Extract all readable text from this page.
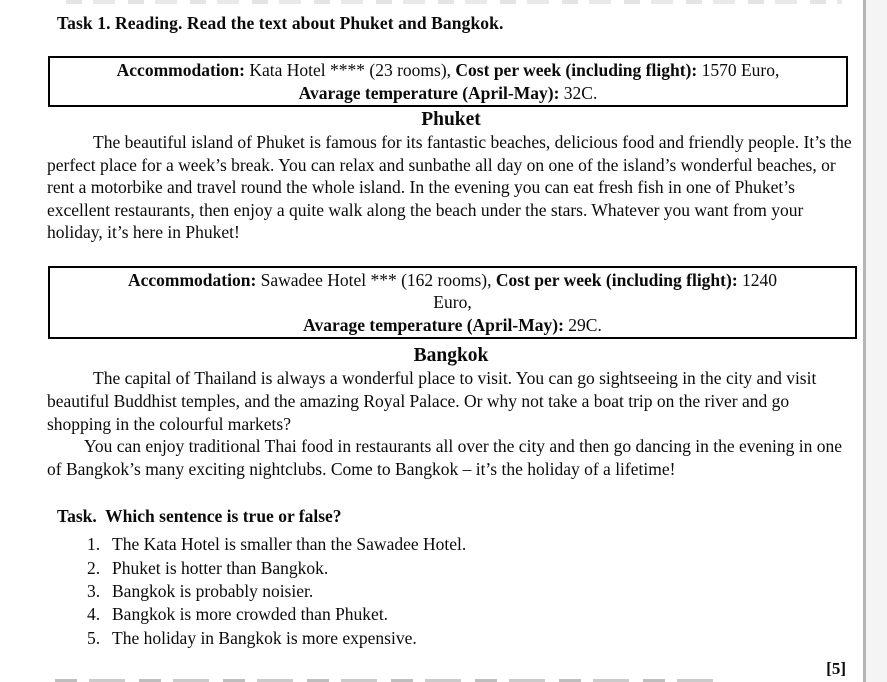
Task 1. Reading. Read the text about Phuket and Bangkok.
Accommodation: Kata Hotel **** (23 rooms), Cost per week (including flight): 1570 Euro,
Avarage temperature (April-May): 32C.
Phuket
The beautiful island of Phuket is famous for its fantastic beaches, delicious food and friendly people. It’s the perfect place for a week’s break. You can relax and sunbathe all day on one of the island’s wonderful beaches, or rent a motorbike and travel round the whole island. In the evening you can eat fresh fish in one of Phuket’s excellent restaurants, then enjoy a quite walk along the beach under the stars. Whatever you want from your holiday, it’s here in Phuket!
Accommodation: Sawadee Hotel *** (162 rooms), Cost per week (including flight): 1240
Euro,
Avarage temperature (April-May): 29C.
Bangkok
The capital of Thailand is always a wonderful place to visit. You can go sightseeing in the city and visit beautiful Buddhist temples, and the amazing Royal Palace. Or why not take a boat trip on the river and go shopping in the colourful markets?
You can enjoy traditional Thai food in restaurants all over the city and then go dancing in the evening in one of Bangkok’s many exciting nightclubs. Come to Bangkok – it’s the holiday of a lifetime!
Task.  Which sentence is true or false?
1. The Kata Hotel is smaller than the Sawadee Hotel.
2. Phuket is hotter than Bangkok.
3. Bangkok is probably noisier.
4. Bangkok is more crowded than Phuket.
5. The holiday in Bangkok is more expensive.
[5]
